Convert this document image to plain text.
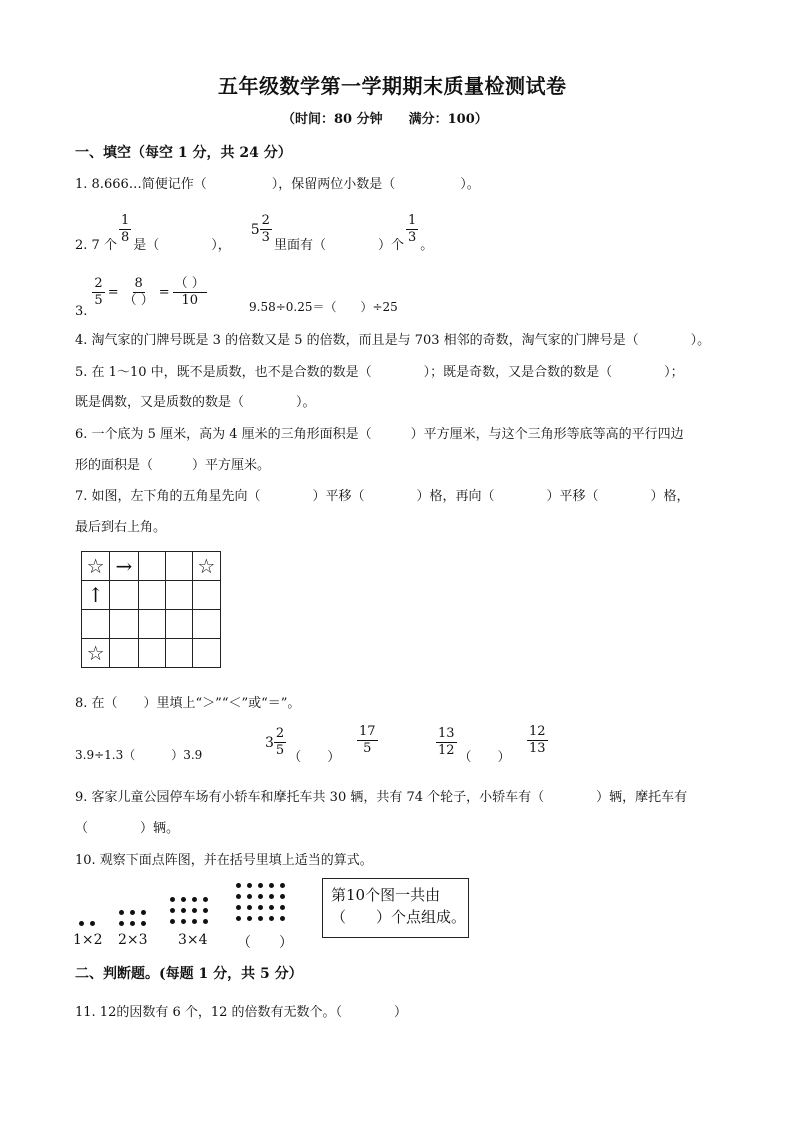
五年级数学第一学期期末质量检测试卷
（时间：80 分钟　　满分：100）
一、填空（每空 1 分，共 24 分）
1. 8.666…简便记作（　　　　　），保留两位小数是（　　　　　）。
2. 7 个
$\frac{1}{8}$
是（　　　　），
$5 \frac{2}{3}$
里面有（　　　　）个
$\frac{1}{3}$
。
3.
$\frac{2}{5} = \frac{8}{( )} = \frac{( )}{10}$	9.58÷0.25＝（　　）÷25
4. 淘气家的门牌号既是 3 的倍数又是 5 的倍数，而且是与 703 相邻的奇数，淘气家的门牌号是（　　　　）。
5. 在 1～10 中，既不是质数，也不是合数的数是（　　　　）；既是奇数，又是合数的数是（　　　　）；
既是偶数，又是质数的数是（　　　　）。
6. 一个底为 5 厘米，高为 4 厘米的三角形面积是（　　　）平方厘米，与这个三角形等底等高的平行四边
形的面积是（　　　）平方厘米。
7. 如图，左下角的五角星先向（　　　　）平移（　　　　）格，再向（　　　　）平移（　　　　）格，
最后到右上角。
☆	→			☆
↑				

☆				
8. 在（　　）里填上“＞”“＜”或“＝”。
3.9÷1.3（　　　）3.9
$3 \frac{2}{5}$ （　　）
$\frac{17}{5}$	$\frac{13}{12}$ （　　）
$\frac{12}{13}$
9. 客家儿童公园停车场有小轿车和摩托车共 30 辆，共有 74 个轮子，小轿车有（　　　　）辆，摩托车有
（　　　　）辆。
10. 观察下面点阵图，并在括号里填上适当的算式。
1×2 2×3 3×4 （　　）
第10个图一共由
（　　）个点组成。
二、判断题。(每题 1 分，共 5 分）
11. 12的因数有 6 个，12 的倍数有无数个。（　　　　）
